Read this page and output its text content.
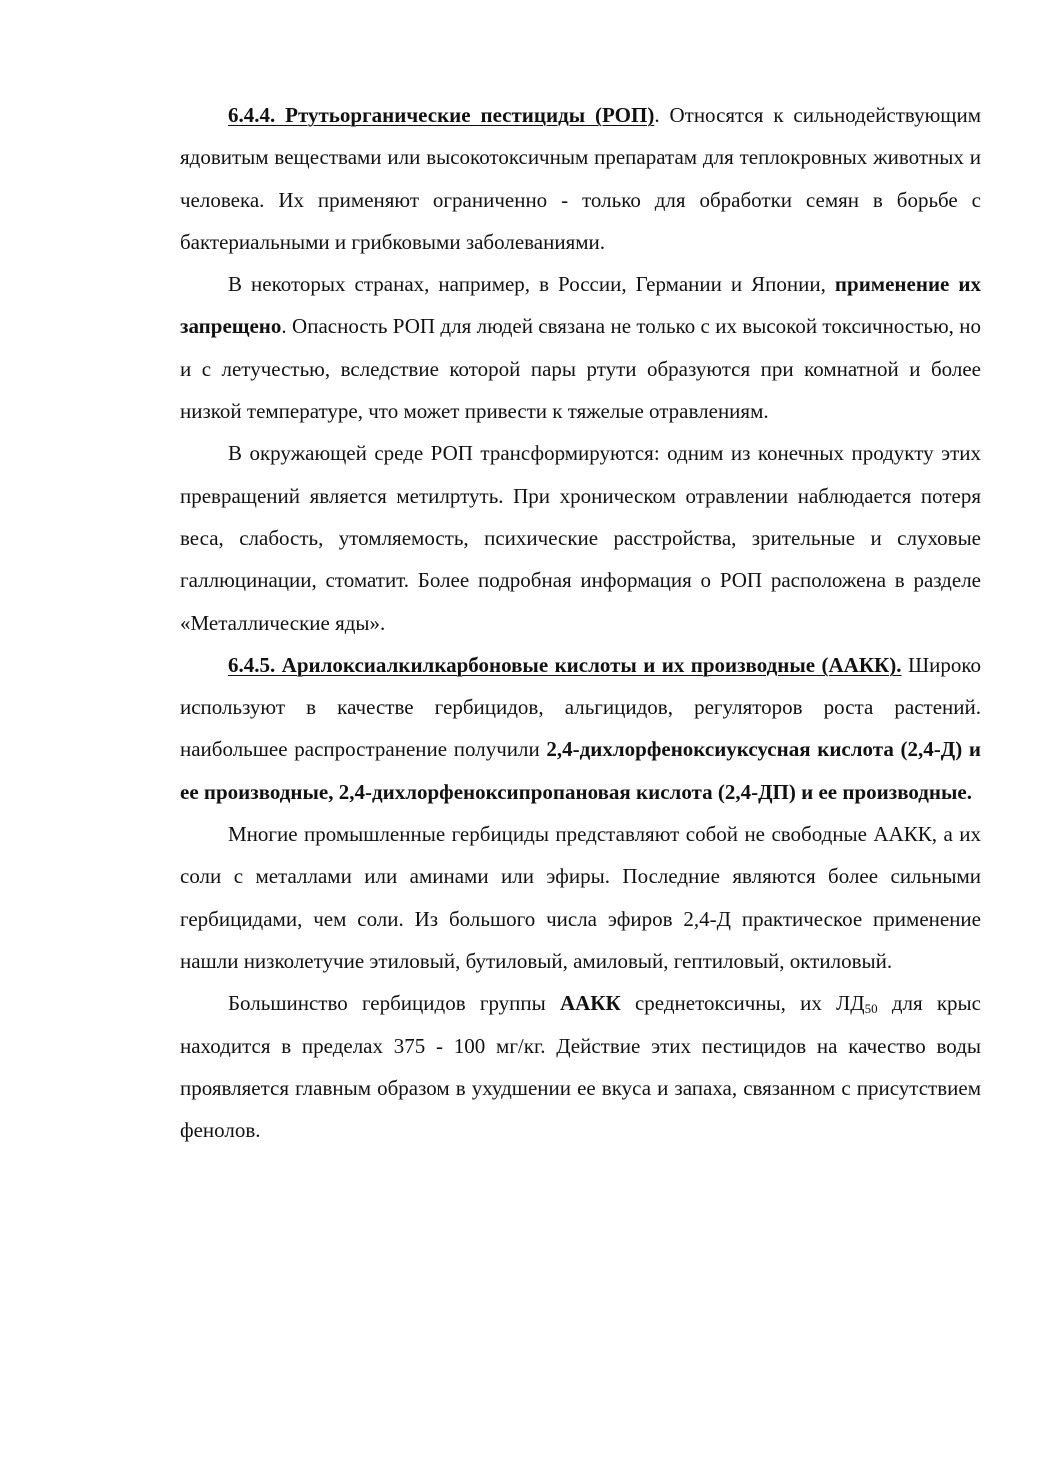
6.4.4. Ртутьорганические пестициды (РОП). Относятся к сильнодействующим ядовитым веществами или высокотоксичным препаратам для теплокровных животных и человека. Их применяют ограниченно - только для обработки семян в борьбе с бактериальными и грибковыми заболеваниями.

В некоторых странах, например, в России, Германии и Японии, применение их запрещено. Опасность РОП для людей связана не только с их высокой токсичностью, но и с летучестью, вследствие которой пары ртути образуются при комнатной и более низкой температуре, что может привести к тяжелые отравлениям.

В окружающей среде РОП трансформируются: одним из конечных продукту этих превращений является метилртуть. При хроническом отравлении наблюдается потеря веса, слабость, утомляемость, психические расстройства, зрительные и слуховые галлюцинации, стоматит. Более подробная информация о РОП расположена в разделе «Металлические яды».

6.4.5. Арилоксиалкилкарбоновые кислоты и их производные (ААКК). Широко используют в качестве гербицидов, альгицидов, регуляторов роста растений. наибольшее распространение получили 2,4-дихлорфеноксиуксусная кислота (2,4-Д) и ее производные, 2,4-дихлорфеноксипропановая кислота (2,4-ДП) и ее производные.

Многие промышленные гербициды представляют собой не свободные ААКК, а их соли с металлами или аминами или эфиры. Последние являются более сильными гербицидами, чем соли. Из большого числа эфиров 2,4-Д практическое применение нашли низколетучие этиловый, бутиловый, амиловый, гептиловый, октиловый.

Большинство гербицидов группы ААКК среднетоксичны, их $ЛД_{50}$ для крыс находится в пределах 375 - 100 мг/кг. Действие этих пестицидов на качество воды проявляется главным образом в ухудшении ее вкуса и запаха, связанном с присутствием фенолов.
